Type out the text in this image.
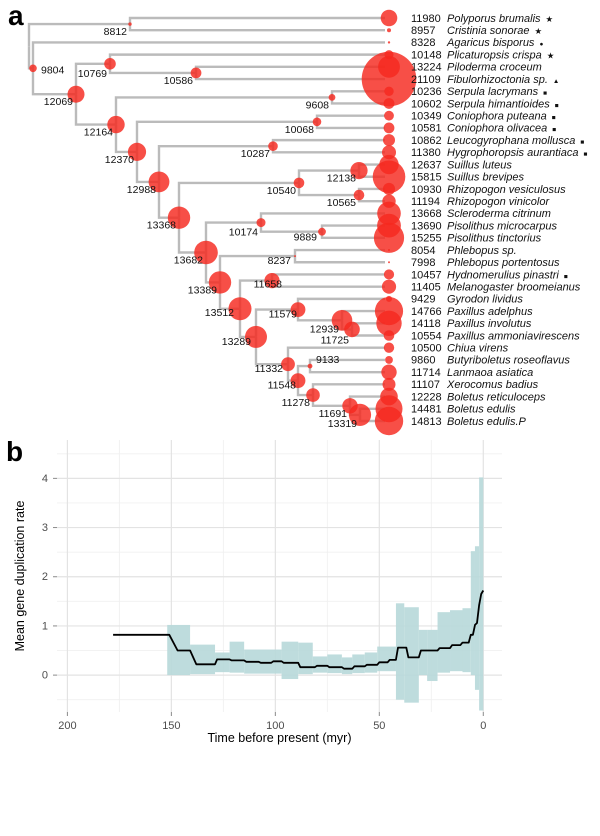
a
9804
8812
12069
10769
10586
12164
9608
12370
10068
12988
10287
13368
10540
12138
10565
13682
10174	9889
13389
8237
13512
11658
13289
11579
12939
11725
11332
9133
11548
11278
11691
13319
11980 Polyporus brumalis ★
8957 Cristinia sonorae ★
8328 Agaricus bisporus ●
10148 Plicaturopsis crispa ★
13224 Piloderma croceum
21109 Fibulorhizoctonia sp. ▲
10236 Serpula lacrymans ■
10602 Serpula himantioides ■
10349 Coniophora puteana ■
10581 Coniophora olivacea ■
10862 Leucogyrophana mollusca ■
11380 Hygrophoropsis aurantiaca ■
12637 Suillus luteus
15815 Suillus brevipes
10930 Rhizopogon vesiculosus
11194 Rhizopogon vinicolor
13668 Scleroderma citrinum
13690 Pisolithus microcarpus
15255 Pisolithus tinctorius
8054 Phlebopus sp.
7998 Phlebopus portentosus
10457 Hydnomerulius pinastri ■
11405 Melanogaster broomeianus
9429 Gyrodon lividus
14766 Paxillus adelphus
14118 Paxillus involutus
10554 Paxillus ammoniavirescens
10500 Chiua virens
9860 Butyriboletus roseoflavus
11714 Lanmaoa asiatica
11107 Xerocomus badius
12228 Boletus reticuloceps
14481 Boletus edulis
14813 Boletus edulis.P
b
200	150	100	50	0
0
1
2
3
4
Time before present (myr)
Mean gene duplication rate
